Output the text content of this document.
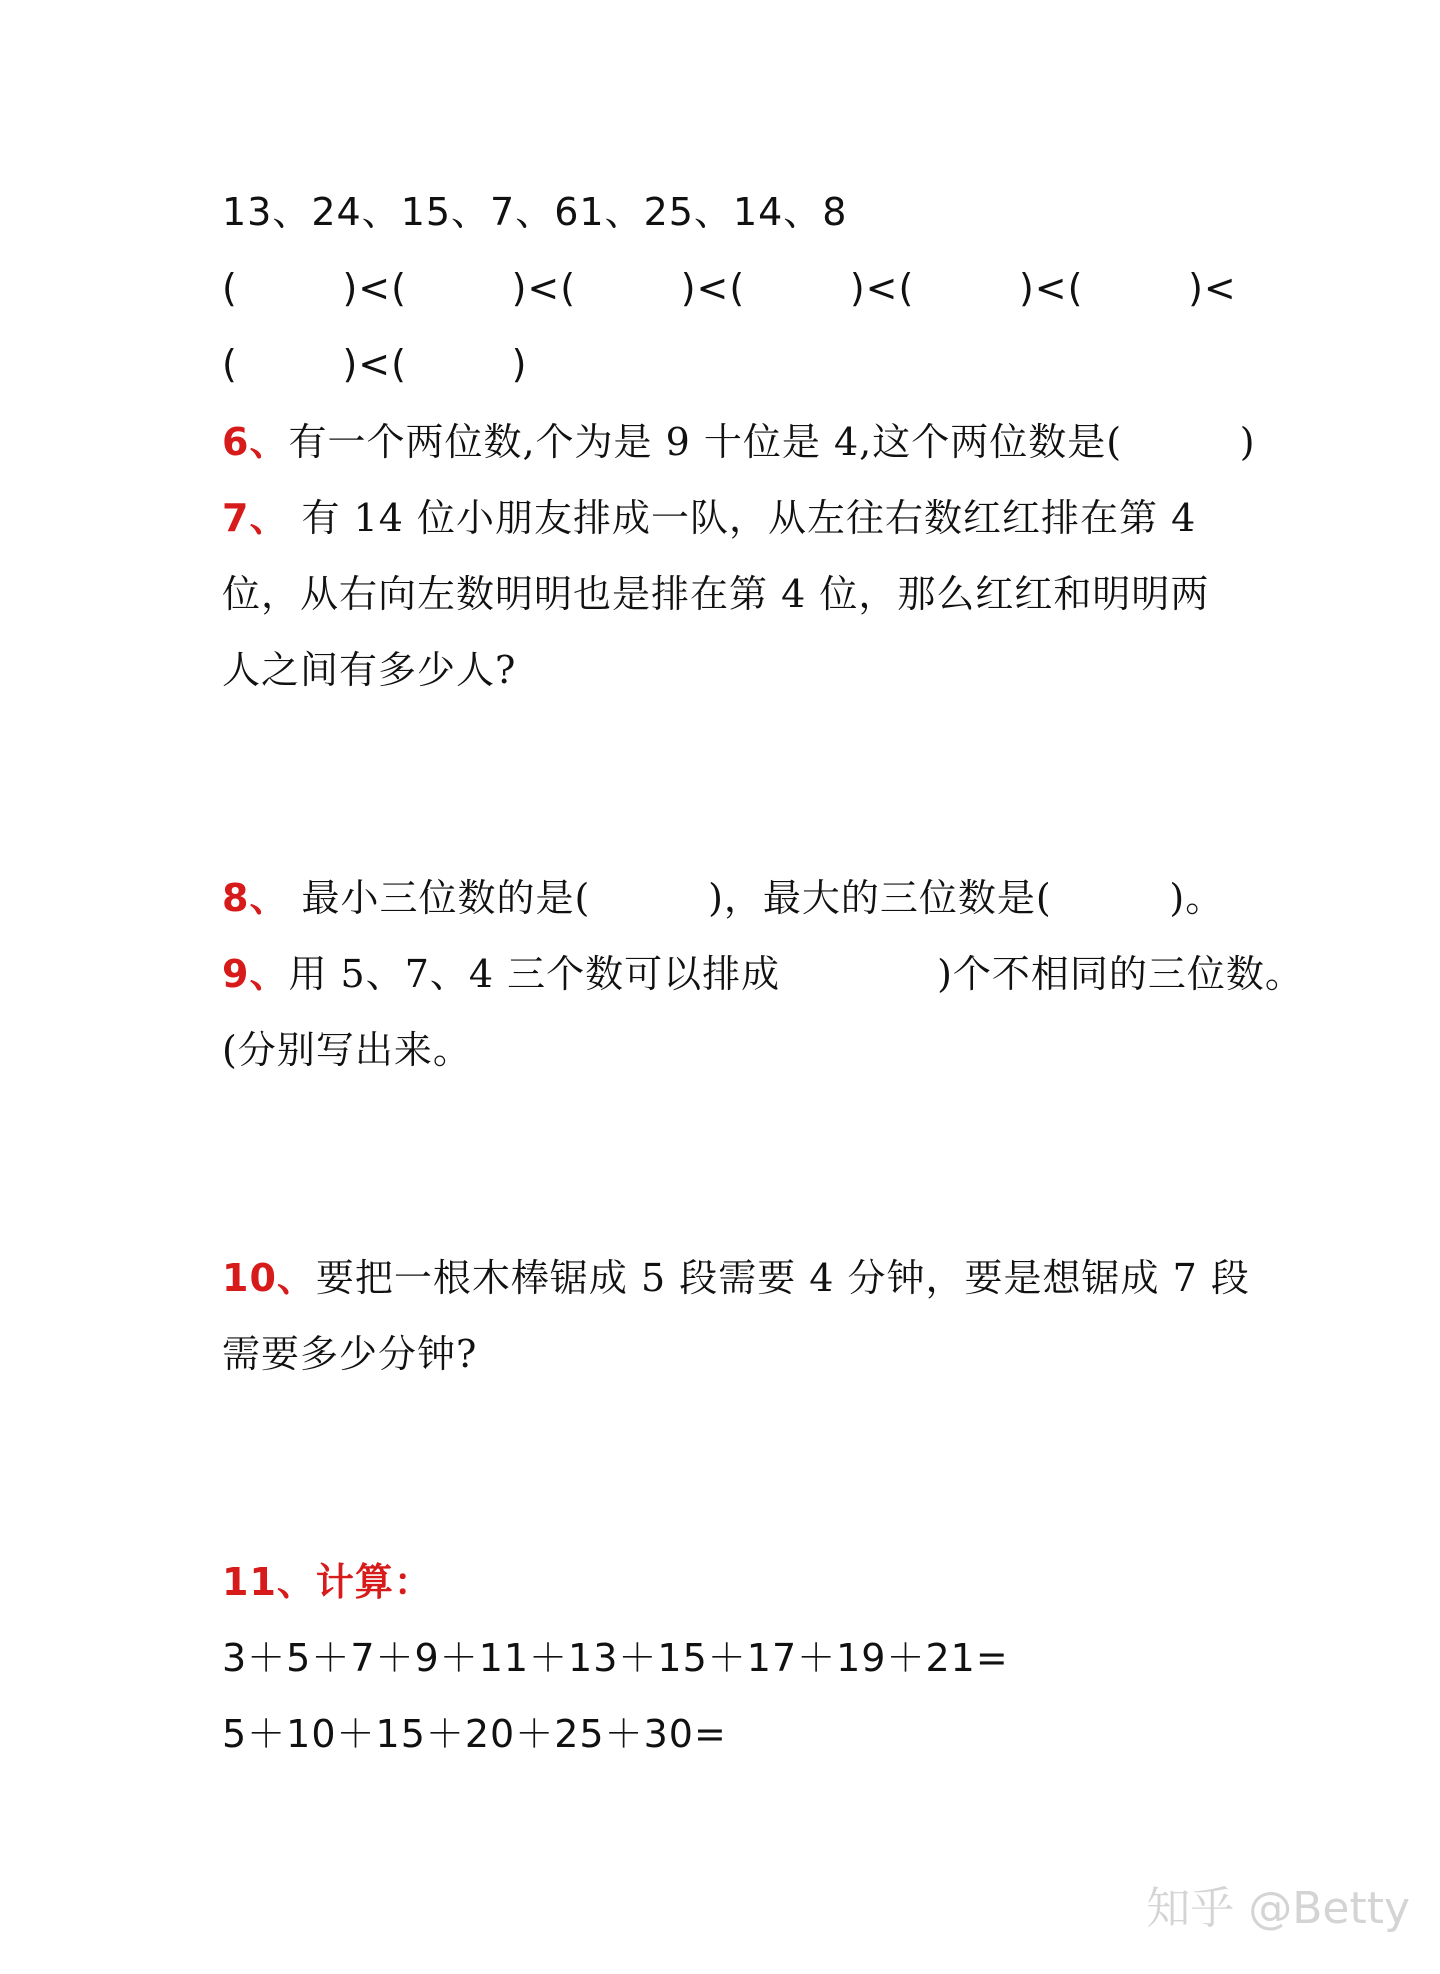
13、24、15、7、61、25、14、8
(        )<(        )<(        )<(        )<(        )<(        )<
(        )<(        )
6、有一个两位数,个为是 9 十位是 4,这个两位数是(         )
7、 有 14 位小朋友排成一队，从左往右数红红排在第 4
位，从右向左数明明也是排在第 4 位，那么红红和明明两
人之间有多少人?
8、 最小三位数的是(         )，最大的三位数是(         )。
9、用 5、7、4 三个数可以排成            )个不相同的三位数。
(分别写出来。
10、要把一根木棒锯成 5 段需要 4 分钟，要是想锯成 7 段
需要多少分钟?
11、计算：
3＋5＋7＋9＋11＋13＋15＋17＋19＋21=
5＋10＋15＋20＋25＋30=
知乎 @Betty
